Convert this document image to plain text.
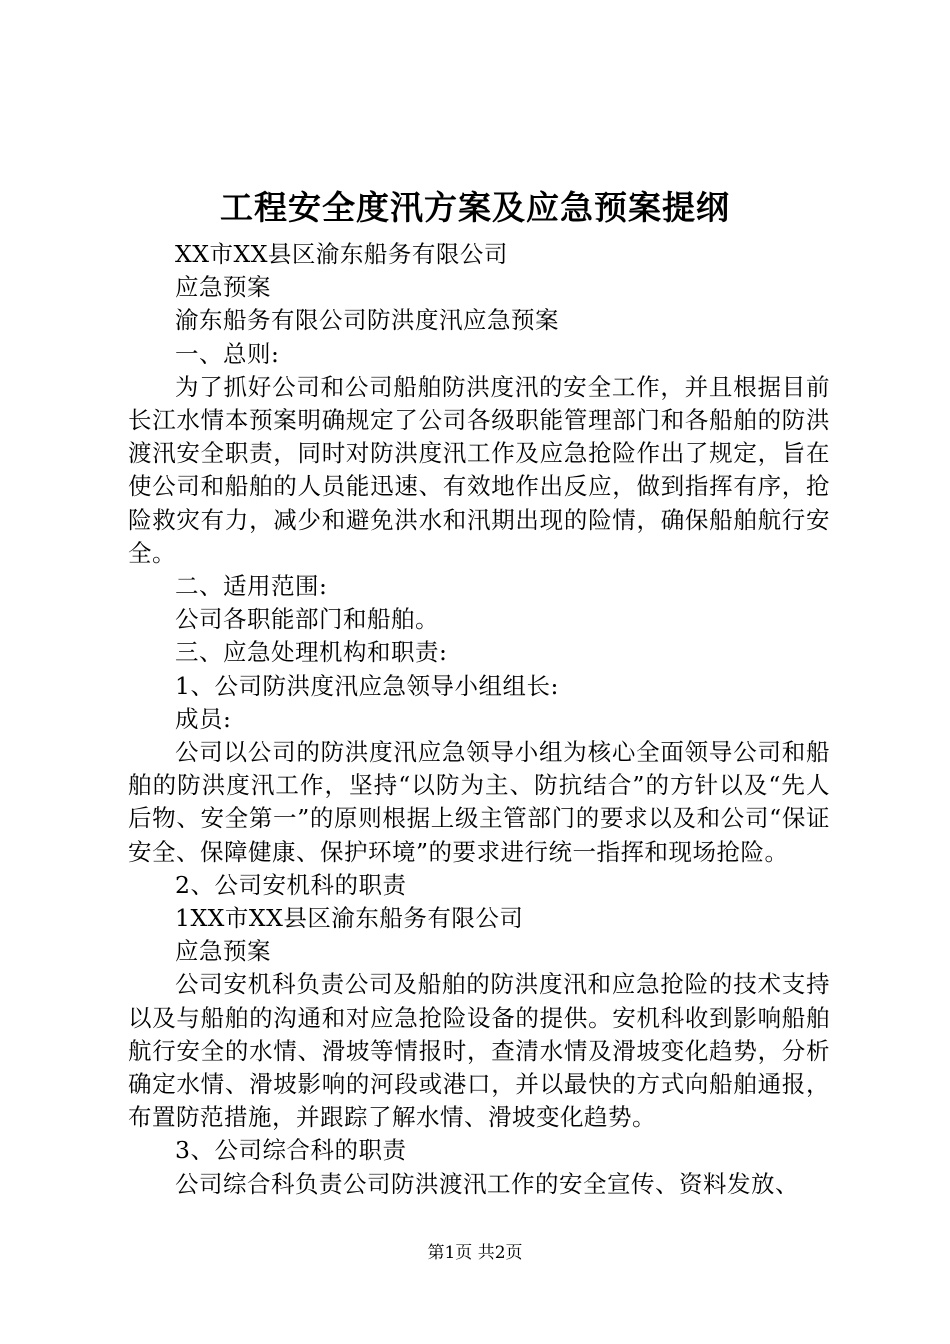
工程安全度汛方案及应急预案提纲

XX市XX县区渝东船务有限公司

应急预案

渝东船务有限公司防洪度汛应急预案

一、总则:

为了抓好公司和公司船舶防洪度汛的安全工作，并且根据目前长江水情本预案明确规定了公司各级职能管理部门和各船舶的防洪渡汛安全职责，同时对防洪度汛工作及应急抢险作出了规定，旨在使公司和船舶的人员能迅速、有效地作出反应，做到指挥有序，抢险救灾有力，减少和避免洪水和汛期出现的险情，确保船舶航行安全。

二、适用范围:

公司各职能部门和船舶。

三、应急处理机构和职责:

1、公司防洪度汛应急领导小组组长:

成员:

公司以公司的防洪度汛应急领导小组为核心全面领导公司和船舶的防洪度汛工作，坚持“以防为主、防抗结合”的方针以及“先人后物、安全第一”的原则根据上级主管部门的要求以及和公司“保证安全、保障健康、保护环境”的要求进行统一指挥和现场抢险。

2、公司安机科的职责

1XX市XX县区渝东船务有限公司

应急预案

公司安机科负责公司及船舶的防洪度汛和应急抢险的技术支持以及与船舶的沟通和对应急抢险设备的提供。安机科收到影响船舶航行安全的水情、滑坡等情报时，查清水情及滑坡变化趋势，分析确定水情、滑坡影响的河段或港口，并以最快的方式向船舶通报，布置防范措施，并跟踪了解水情、滑坡变化趋势。

3、公司综合科的职责

公司综合科负责公司防洪渡汛工作的安全宣传、资料发放、

第1页 共2页
